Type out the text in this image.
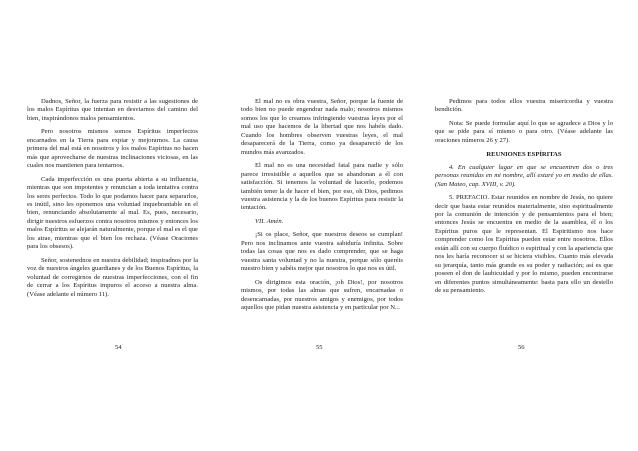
Dadnos, Señor, la fuerza para resistir a las sugestiones de los malos Espíritus que intentan en desviarnos del camino del bien, inspirándonos malos pensamientos.

Pero nosotros mismos somos Espíritus imperfectos encarnados en la Tierra para expiar y mejorarnos. La causa primera del mal está en nosotros y los malos Espíritus no hacen más que aprovecharse de nuestras inclinaciones viciosas, en las cuales nos mantienen para tentarnos.

Cada imperfección es una puerta abierta a su influencia, mientras que son impotentes y renuncian a toda tentativa contra los seres perfectos. Todo lo que podamos hacer para separarlos, es inútil, sino les oponemos una voluntad inquebrantable en el bien, renunciando absolutamente al mal. Es, pues, necesario, dirigir nuestros esfuerzos contra nosotros mismos y entonces los malos Espíritus se alejarán naturalmente, porque el mal es el que los atrae, mientras que el bien los rechaza. (Véase Oraciones para los obsesos).

Señor, sostenednos en nuestra debilidad; inspiradnos por la voz de nuestros ángeles guardianes y de los Buenos Espíritus, la voluntad de corregirnos de nuestras imperfecciones, con el fin de cerrar a los Espíritus impuros el acceso a nuestra alma. (Véase adelante el número 11).

54

El mal no es obra vuestra, Señor, porque la fuente de todo bien no puede engendrar nada malo; nosotros mismos somos los que lo creamos infringiendo vuestras leyes por el mal uso que hacemos de la libertad que nos habéis dado. Cuando los hombres observen vuestras leyes, el mal desaparecerá de la Tierra, como ya desapareció de los mundos más avanzados.

El mal no es una necesidad fatal para nadie y sólo parece irresistible a aquellos que se abandonan a él con satisfacción. Si tenemos la voluntad de hacerlo, podemos también tener la de hacer el bien, por eso, oh Dios, pedimos vuestra asistencia y la de los buenos Espíritus para resistir la tentación.

VII. Amén.

¡Si os place, Señor, que nuestros deseos se cumplan! Pero nos inclinamos ante vuestra sabiduría infinita. Sobre todas las cosas que nos es dado comprender, que se haga vuestra santa voluntad y no la nuestra, porque sólo queréis nuestro bien y sabéis mejor que nosotros lo que nos es útil.

Os dirigimos esta oración, ¡oh Dios!, por nosotros mismos, por todas las almas que sufren, encarnadas o desencarnadas, por nuestros amigos y enemigos, por todos aquellos que pidan nuestra asistencia y en particular por N...

55

Pedimos para todos ellos vuestra misericordia y vuestra bendición.

Nota: Se puede formular aquí lo que se agradece a Dios y lo que se pide para sí mismo o para otro. (Véase adelante las oraciones números 26 y 27).

REUNIONES ESPÍRITAS

4. En cualquier lugar en que se encuentren dos o tres personas reunidas en mi nombre, allí estaré yo en medio de ellas. (San Mateo, cap. XVIII, v. 20).

5. PREFACIO. Estar reunidos en nombre de Jesús, no quiere decir que basta estar reunidos materialmente, sino espiritualmente por la comunión de intención y de pensamientos para el bien; entonces Jesús se encuentra en medio de la asamblea, él o los Espíritus puros que le representan. El Espiritismo nos hace comprender como los Espíritus pueden estar entre nosotros. Ellos están allí con su cuerpo fluídico o espiritual y con la apariencia que nos les haría reconocer si se hiciera visibles. Cuanto más elevada su jerarquía, tanto más grande es su poder y radiación; así es que poseen el don de laubicuidad y por lo mismo, pueden encontrarse en diferentes puntos simultáneamente: basta para ello un destello de su pensamiento.

56
